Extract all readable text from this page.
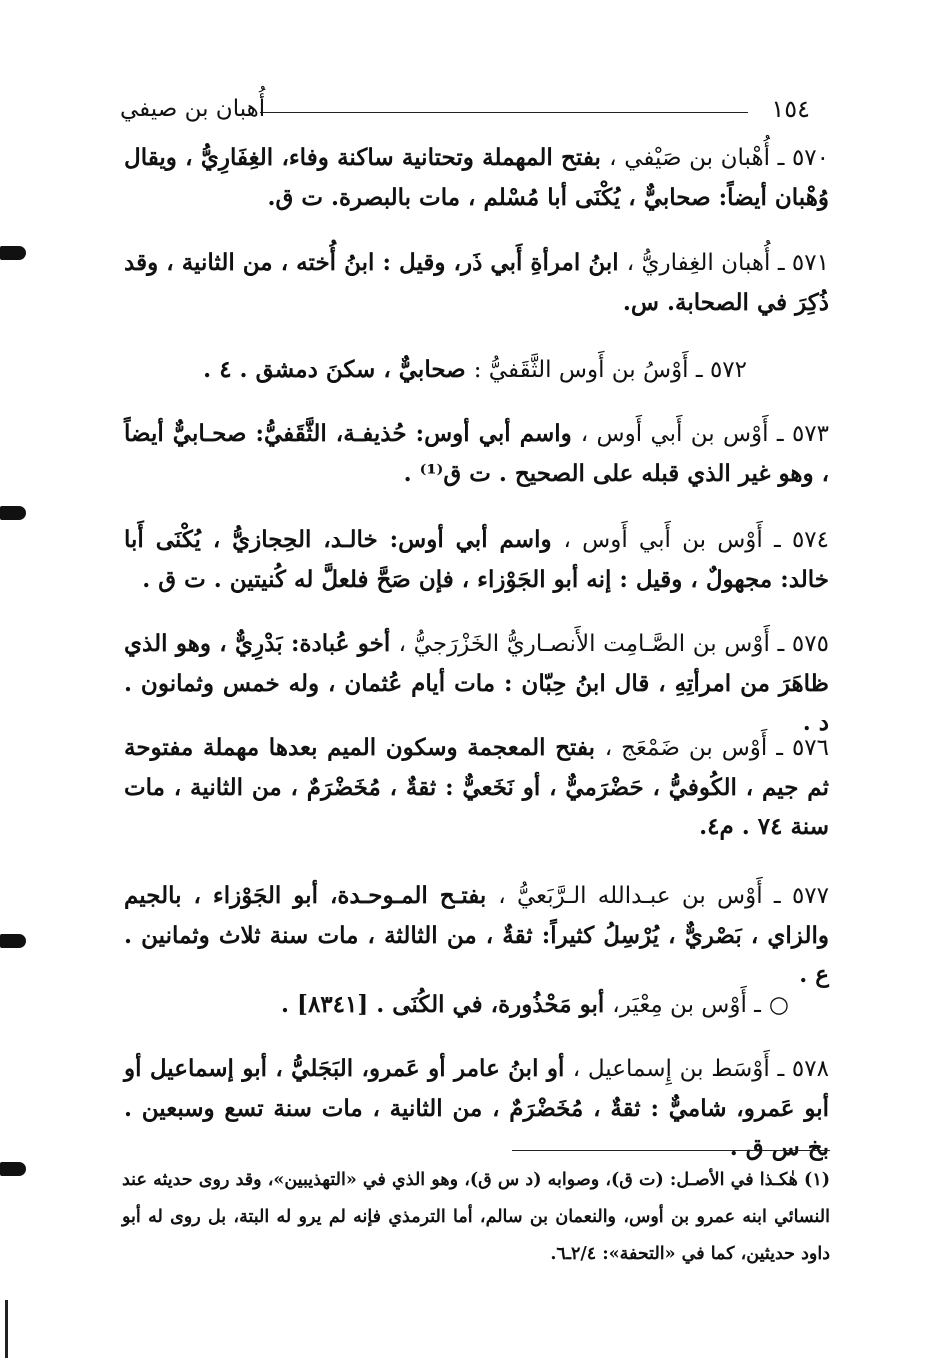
١٥٤
أُهبان بن صيفي

٥٧٠ ـ أُهْبان بن صَيْفي ، بفتح المهملة وتحتانية ساكنة وفاء، الغِفَارِيُّ ، ويقال وُهْبان أيضاً: صحابيٌّ ، يُكْنَى أبا مُسْلم ، مات بالبصرة. ت ق.

٥٧١ ـ أُهبان الغِفاريُّ ، ابنُ امرأةِ أَبي ذَر، وقيل : ابنُ أُخته ، من الثانية ، وقد ذُكِرَ في الصحابة. س.

٥٧٢ ـ أَوْسُ بن أَوس الثَّقَفيُّ : صحابيٌّ ، سكنَ دمشق . ٤ .

٥٧٣ ـ أَوْس بن أَبي أَوس ، واسم أبي أوس: حُذيفـة، الثَّقَفيُّ: صحـابيٌّ أيضاً ، وهو غير الذي قبله على الصحيح . ت ق⁽¹⁾ .

٥٧٤ ـ أَوْس بن أَبي أَوس ، واسم أبي أوس: خالـد، الحِجازيُّ ، يُكْنَى أَبا خالد: مجهولٌ ، وقيل : إنه أبو الجَوْزاء ، فإن صَحَّ فلعلَّ له كُنيتين . ت ق .

٥٧٥ ـ أَوْس بن الصَّـامِت الأَنصـاريُّ الخَزْرَجيُّ ، أخو عُبادة: بَدْرِيٌّ ، وهو الذي ظاهَرَ من امرأتِهِ ، قال ابنُ حِبّان : مات أيام عُثمان ، وله خمس وثمانون . د .

٥٧٦ ـ أَوْس بن ضَمْعَج ، بفتح المعجمة وسكون الميم بعدها مهملة مفتوحة ثم جيم ، الكُوفيُّ ، حَضْرَميٌّ ، أو نَخَعيٌّ : ثقةٌ ، مُخَضْرَمٌ ، من الثانية ، مات سنة ٧٤ . م٤.

٥٧٧ ـ أَوْس بن عبـدالله الـرَّبَعيُّ ، بفتـح المـوحـدة، أبو الجَوْزاء ، بالجيم والزاي ، بَصْريٌّ ، يُرْسِلُ كثيراً: ثقةٌ ، من الثالثة ، مات سنة ثلاث وثمانين . ع .

○ ـ أَوْس بن مِعْيَر، أبو مَحْذُورة، في الكُنَى . [٨٣٤١] .

٥٧٨ ـ أَوْسَط بن إِسماعيل ، أو ابنُ عامر أو عَمرو، البَجَليُّ ، أبو إسماعيل أو أبو عَمرو، شاميٌّ : ثقةٌ ، مُخَضْرَمٌ ، من الثانية ، مات سنة تسع وسبعين . بخ س ق .

(١) هٰكـذا في الأصـل: (ت ق)، وصوابه (د س ق)، وهو الذي في «التهذيبين»، وقد روى حديثه عند النسائي ابنه عمرو بن أوس، والنعمان بن سالم، أما الترمذي فإنه لم يرو له البتة، بل روى له أبو داود حديثين، كما في «التحفة»: ٢/٤ـ٦.
